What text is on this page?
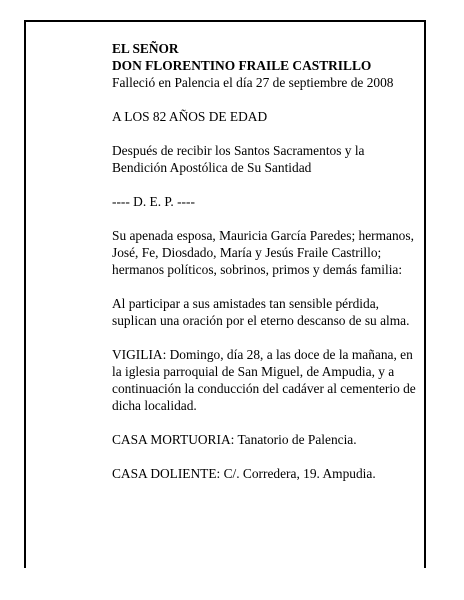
EL SEÑOR

DON FLORENTINO FRAILE CASTRILLO

Falleció en Palencia el día 27 de septiembre de 2008

A LOS 82 AÑOS DE EDAD

Después de recibir los Santos Sacramentos y la Bendición Apostólica de Su Santidad

---- D. E. P. ----

Su apenada esposa, Mauricia García Paredes; hermanos, José, Fe, Diosdado, María y Jesús Fraile Castrillo; hermanos políticos, sobrinos, primos y demás familia:

Al participar a sus amistades tan sensible pérdida, suplican una oración por el eterno descanso de su alma.

VIGILIA: Domingo, día 28, a las doce de la mañana, en la iglesia parroquial de San Miguel, de Ampudia, y a continuación la conducción del cadáver al cementerio de dicha localidad.

CASA MORTUORIA: Tanatorio de Palencia.

CASA DOLIENTE: C/. Corredera, 19. Ampudia.
